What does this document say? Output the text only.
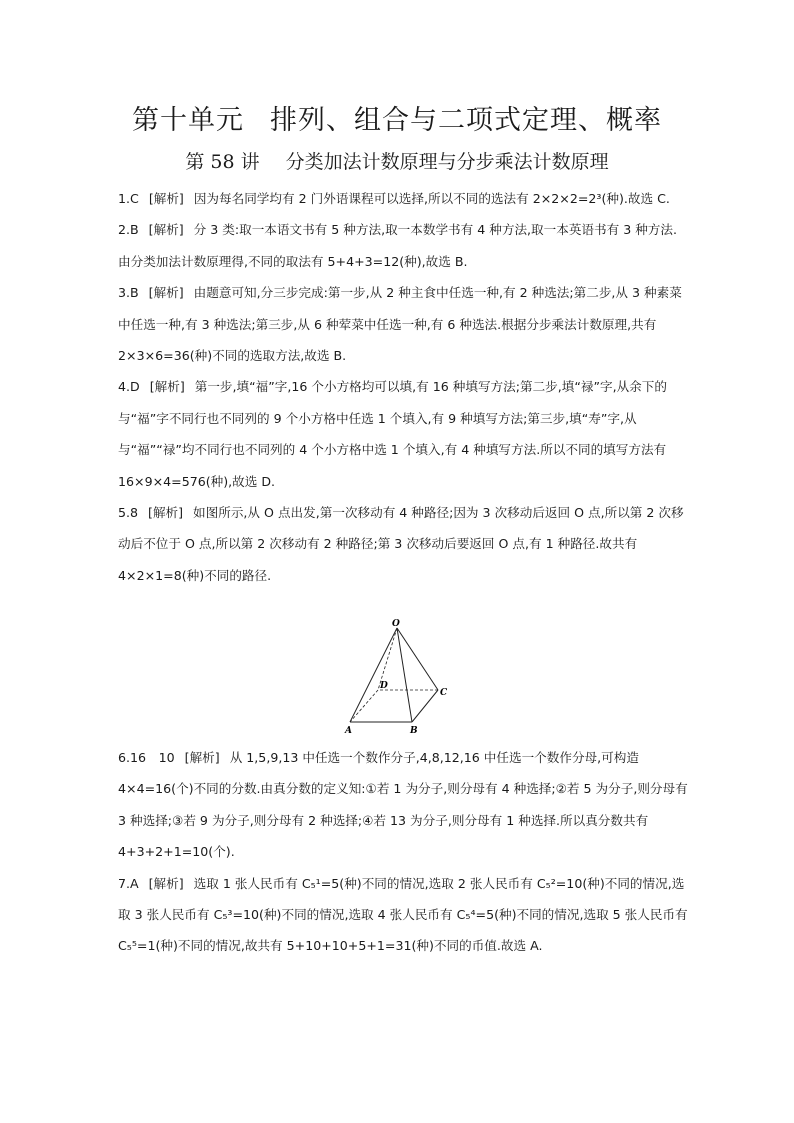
第十单元 排列、组合与二项式定理、概率
第 58 讲 分类加法计数原理与分步乘法计数原理

1.C [解析] 因为每名同学均有 2 门外语课程可以选择,所以不同的选法有 2×2×2=2³(种).故选 C.

2.B [解析] 分 3 类:取一本语文书有 5 种方法,取一本数学书有 4 种方法,取一本英语书有 3 种方法.由分类加法计数原理得,不同的取法有 5+4+3=12(种),故选 B.

3.B [解析] 由题意可知,分三步完成:第一步,从 2 种主食中任选一种,有 2 种选法;第二步,从 3 种素菜中任选一种,有 3 种选法;第三步,从 6 种荤菜中任选一种,有 6 种选法.根据分步乘法计数原理,共有 2×3×6=36(种)不同的选取方法,故选 B.

4.D [解析] 第一步,填“福”字,16 个小方格均可以填,有 16 种填写方法;第二步,填“禄”字,从余下的与“福”字不同行也不同列的 9 个小方格中任选 1 个填入,有 9 种填写方法;第三步,填“寿”字,从与“福”“禄”均不同行也不同列的 4 个小方格中选 1 个填入,有 4 种填写方法.所以不同的填写方法有 16×9×4=576(种),故选 D.

5.8 [解析] 如图所示,从 O 点出发,第一次移动有 4 种路径;因为 3 次移动后返回 O 点,所以第 2 次移动后不位于 O 点,所以第 2 次移动有 2 种路径;第 3 次移动后要返回 O 点,有 1 种路径.故共有 4×2×1=8(种)不同的路径.

O
D
C
A	B

6.16　10 [解析] 从 1,5,9,13 中任选一个数作分子,4,8,12,16 中任选一个数作分母,可构造 4×4=16(个)不同的分数.由真分数的定义知:①若 1 为分子,则分母有 4 种选择;②若 5 为分子,则分母有 3 种选择;③若 9 为分子,则分母有 2 种选择;④若 13 为分子,则分母有 1 种选择.所以真分数共有 4+3+2+1=10(个).

7.A [解析] 选取 1 张人民币有 C₅¹=5(种)不同的情况,选取 2 张人民币有 C₅²=10(种)不同的情况,选取 3 张人民币有 C₅³=10(种)不同的情况,选取 4 张人民币有 C₅⁴=5(种)不同的情况,选取 5 张人民币有 C₅⁵=1(种)不同的情况,故共有 5+10+10+5+1=31(种)不同的币值.故选 A.
